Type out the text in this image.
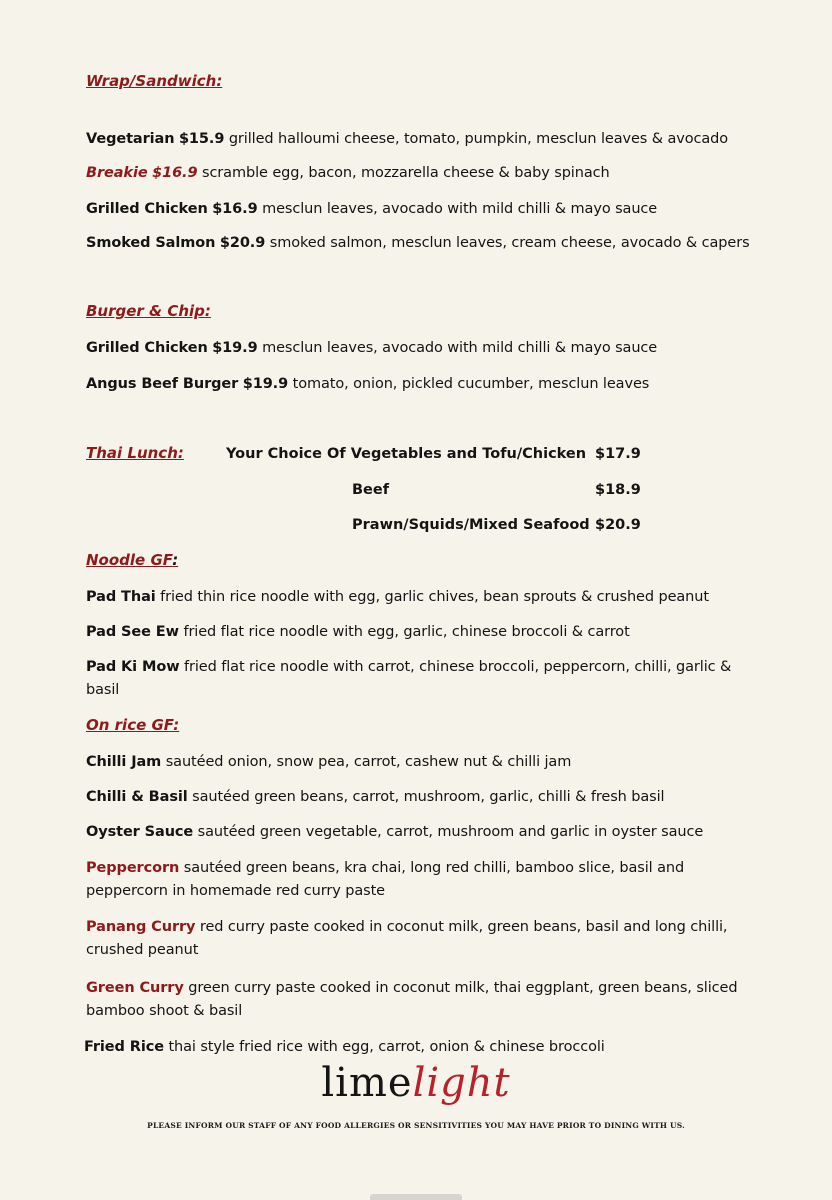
Wrap/Sandwich:
Vegetarian $15.9 grilled halloumi cheese, tomato, pumpkin, mesclun leaves & avocado
Breakie $16.9 scramble egg, bacon, mozzarella cheese & baby spinach
Grilled Chicken $16.9 mesclun leaves, avocado with mild chilli & mayo sauce
Smoked Salmon $20.9 smoked salmon, mesclun leaves, cream cheese, avocado & capers
Burger & Chip:
Grilled Chicken $19.9 mesclun leaves, avocado with mild chilli & mayo sauce
Angus Beef Burger $19.9 tomato, onion, pickled cucumber, mesclun leaves
Thai Lunch:	Your Choice Of Vegetables and Tofu/Chicken $17.9
Beef	$18.9
Prawn/Squids/Mixed Seafood $20.9
Noodle GF:
Pad Thai fried thin rice noodle with egg, garlic chives, bean sprouts & crushed peanut
Pad See Ew fried flat rice noodle with egg, garlic, chinese broccoli & carrot
Pad Ki Mow fried flat rice noodle with carrot, chinese broccoli, peppercorn, chilli, garlic & basil
On rice GF:
Chilli Jam sautéed onion, snow pea, carrot, cashew nut & chilli jam
Chilli & Basil sautéed green beans, carrot, mushroom, garlic, chilli & fresh basil
Oyster Sauce sautéed green vegetable, carrot, mushroom and garlic in oyster sauce
Peppercorn sautéed green beans, kra chai, long red chilli, bamboo slice, basil and peppercorn in homemade red curry paste
Panang Curry red curry paste cooked in coconut milk, green beans, basil and long chilli, crushed peanut
Green Curry green curry paste cooked in coconut milk, thai eggplant, green beans, sliced bamboo shoot & basil
Fried Rice thai style fried rice with egg, carrot, onion & chinese broccoli
limelight
PLEASE INFORM OUR STAFF OF ANY FOOD ALLERGIES OR SENSITIVITIES YOU MAY HAVE PRIOR TO DINING WITH US.
